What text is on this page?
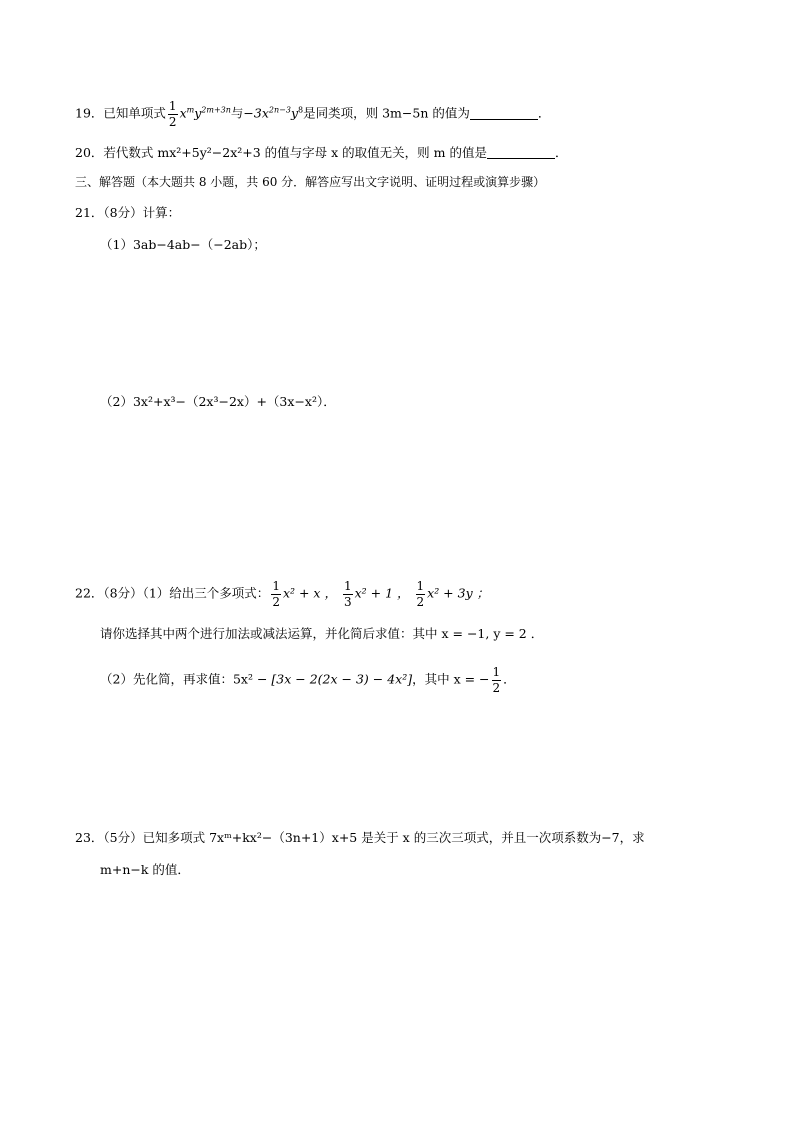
19．已知单项式 $\frac{1}{2} x^my^{2m+3n}$与$-3x^{2n-3}y^8$是同类项，则 3m−5n 的值为	．
20．若代数式 mx²+5y²−2x²+3 的值与字母 x 的取值无关，则 m 的值是	．
三、解答题（本大题共 8 小题，共 60 分．解答应写出文字说明、证明过程或演算步骤）
21．（8分）计算：
（1）3ab−4ab−（−2ab）；
（2）3x²+x³−（2x³−2x）+（3x−x²）．
22．（8分）（1）给出三个多项式： $\frac{1}{2} x^2 + x$ ， $\frac{1}{3} x^2 + 1$ ， $\frac{1}{2} x^2 + 3y$ ；
请你选择其中两个进行加法或减法运算，并化简后求值：其中 x = −1, y = 2 ．
（2）先化简，再求值：5x² − [3x − 2(2x − 3) − 4x²]，其中 x = − $\frac{1}{2}$ ．
23．（5分）已知多项式 7xᵐ+kx²−（3n+1）x+5 是关于 x 的三次三项式，并且一次项系数为−7，求
m+n−k 的值．
